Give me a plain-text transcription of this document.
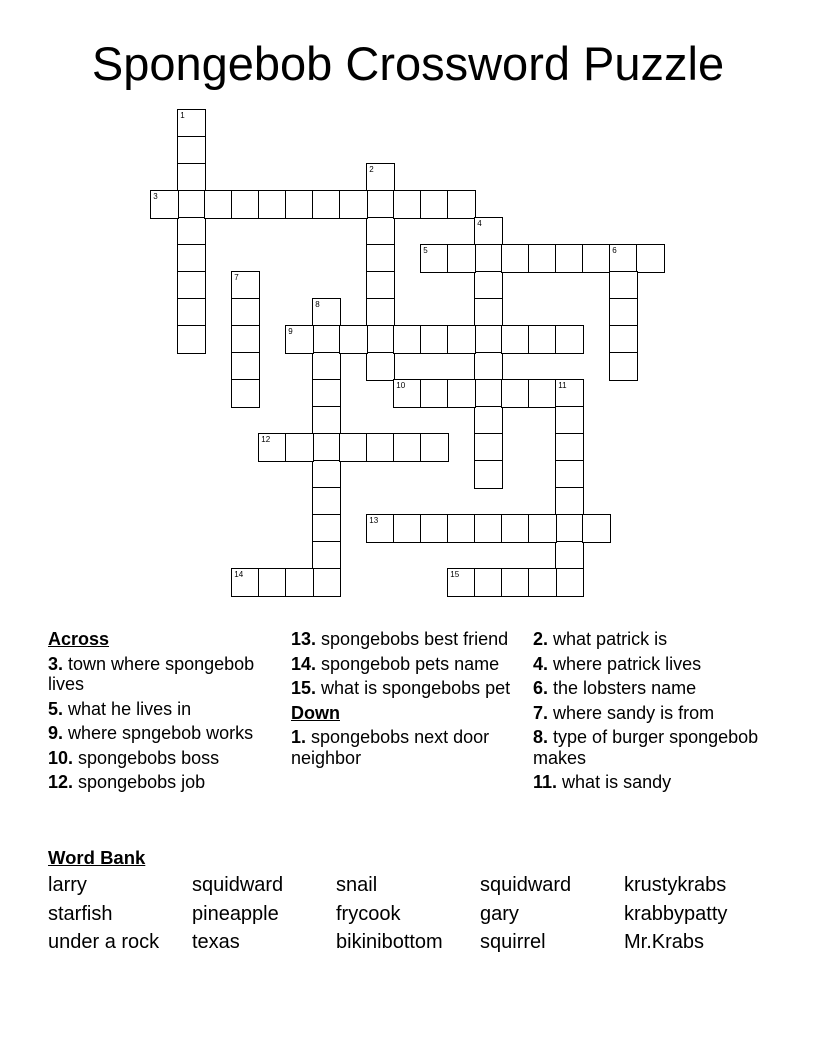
Spongebob Crossword Puzzle
1
2
3
4
5	6
7
8
9
10	11
12
13
14	15
Across
3. town where spongebob lives
5. what he lives in
9. where spngebob works
10. spongebobs boss
12. spongebobs job
13. spongebobs best friend
14. spongebob pets name
15. what is spongebobs pet
Down
1. spongebobs next door neighbor
2. what patrick is
4. where patrick lives
6. the lobsters name
7. where sandy is from
8. type of burger spongebob makes
11. what is sandy
Word Bank
larry	squidward	snail	squidward	krustykrabs
starfish	pineapple	frycook	gary	krabbypatty
under a rock	texas	bikinibottom	squirrel	Mr.Krabs
